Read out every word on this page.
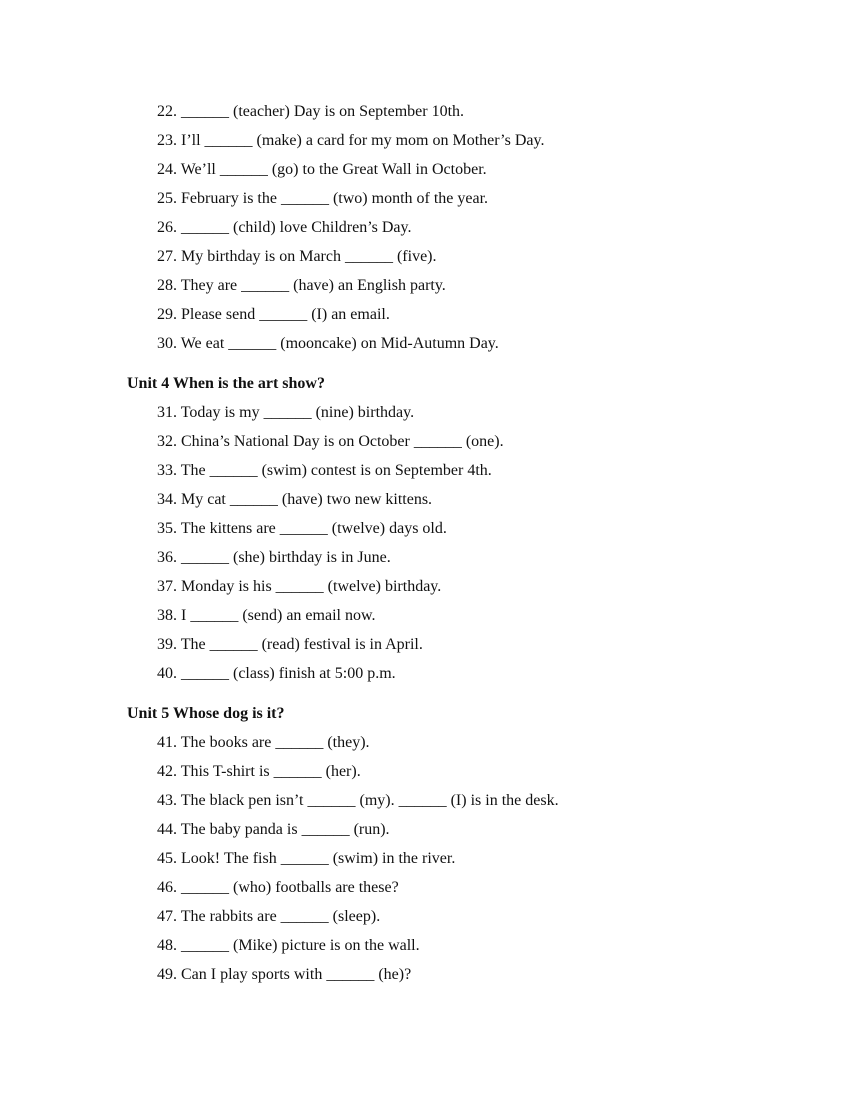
22. ______ (teacher) Day is on September 10th.
23. I’ll ______ (make) a card for my mom on Mother’s Day.
24. We’ll ______ (go) to the Great Wall in October.
25. February is the ______ (two) month of the year.
26. ______ (child) love Children’s Day.
27. My birthday is on March ______ (five).
28. They are ______ (have) an English party.
29. Please send ______ (I) an email.
30. We eat ______ (mooncake) on Mid-Autumn Day.
Unit 4 When is the art show?
31. Today is my ______ (nine) birthday.
32. China’s National Day is on October ______ (one).
33. The ______ (swim) contest is on September 4th.
34. My cat ______ (have) two new kittens.
35. The kittens are ______ (twelve) days old.
36. ______ (she) birthday is in June.
37. Monday is his ______ (twelve) birthday.
38. I ______ (send) an email now.
39. The ______ (read) festival is in April.
40. ______ (class) finish at 5:00 p.m.
Unit 5 Whose dog is it?
41. The books are ______ (they).
42. This T-shirt is ______ (her).
43. The black pen isn’t ______ (my). ______ (I) is in the desk.
44. The baby panda is ______ (run).
45. Look! The fish ______ (swim) in the river.
46. ______ (who) footballs are these?
47. The rabbits are ______ (sleep).
48. ______ (Mike) picture is on the wall.
49. Can I play sports with ______ (he)?
